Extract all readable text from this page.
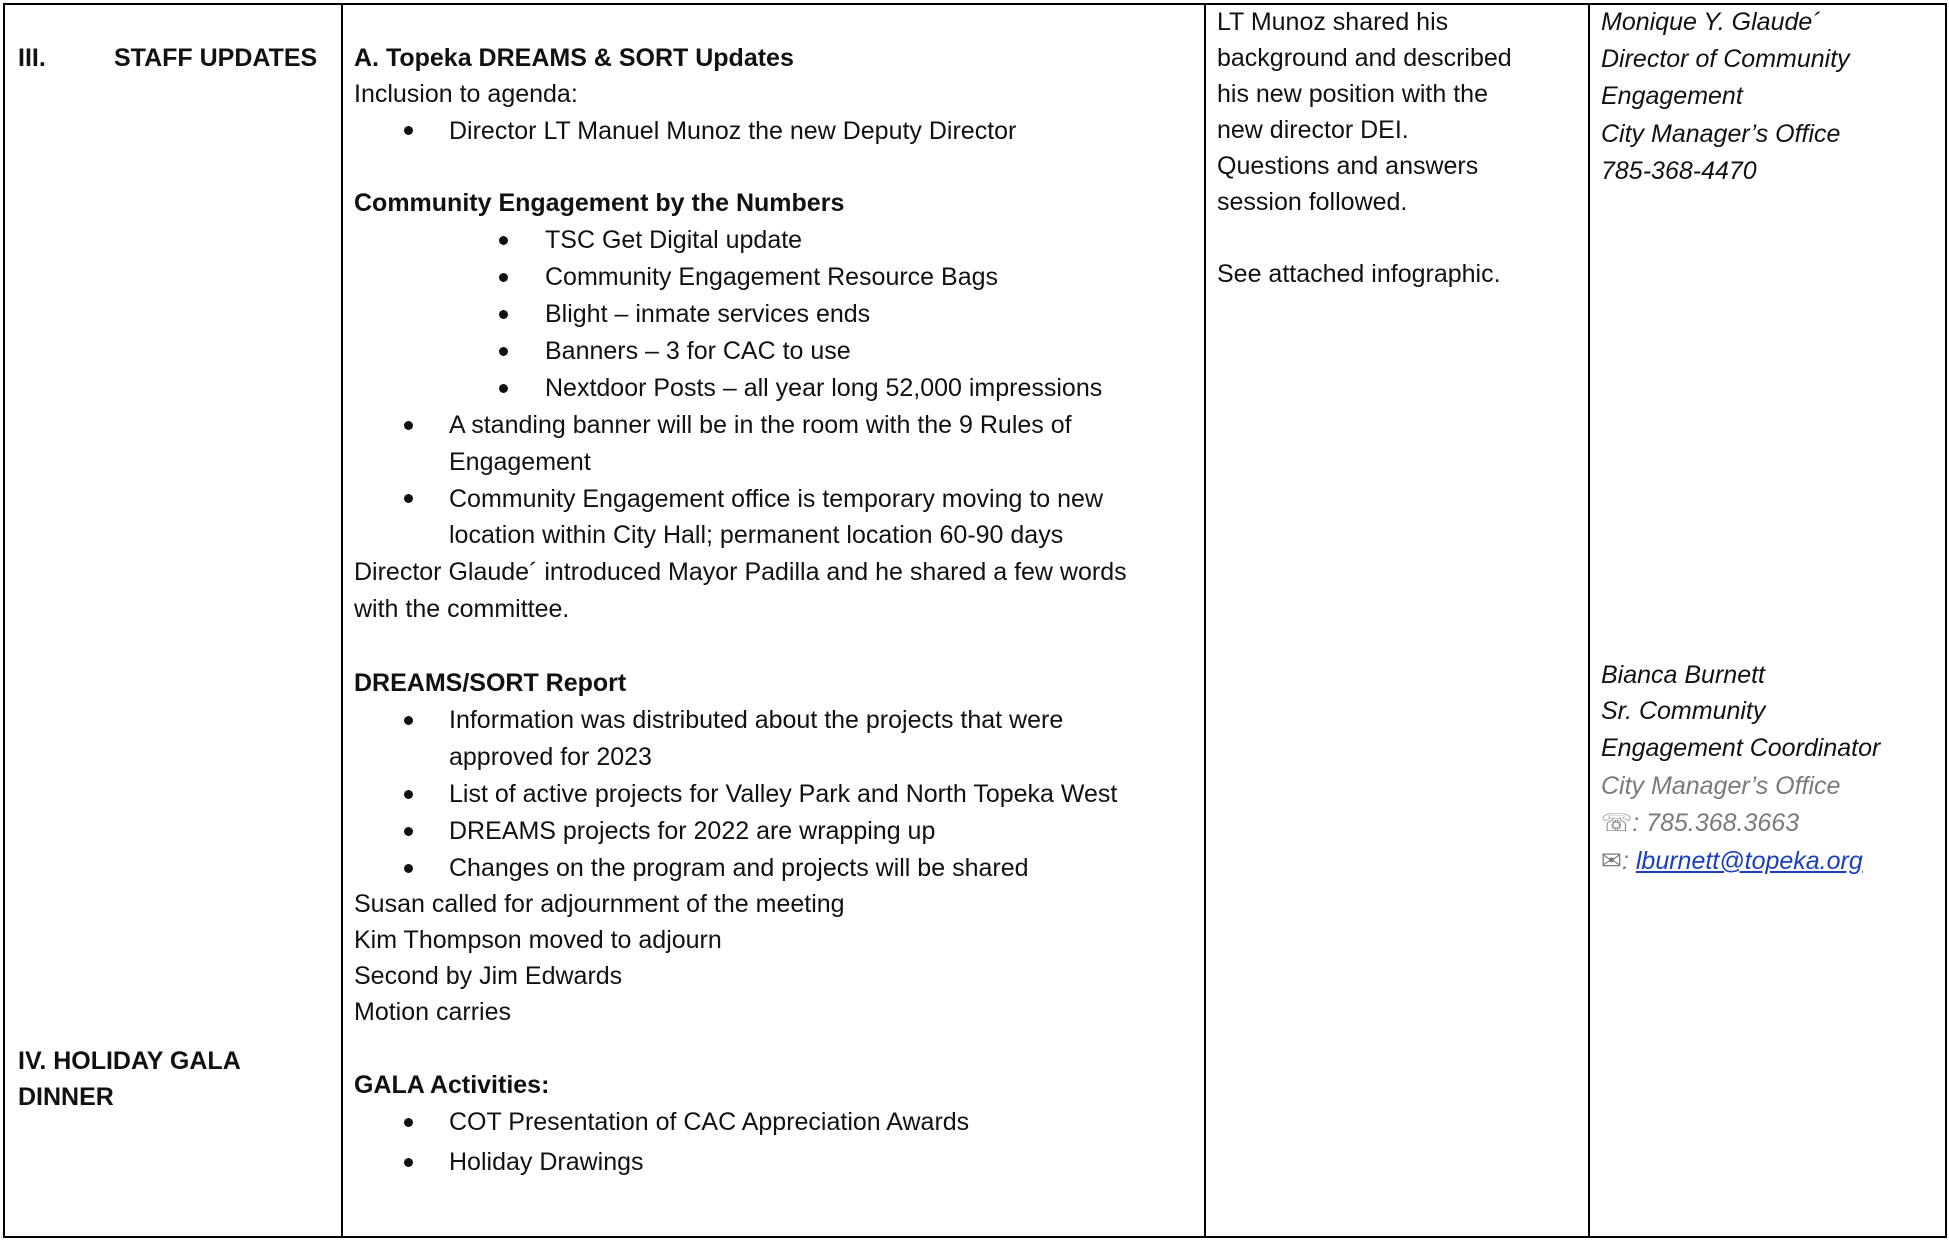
III.	STAFF UPDATES
IV. HOLIDAY GALA
DINNER
A. Topeka DREAMS & SORT Updates
Inclusion to agenda:
Director LT Manuel Munoz the new Deputy Director
Community Engagement by the Numbers
TSC Get Digital update
Community Engagement Resource Bags
Blight – inmate services ends
Banners – 3 for CAC to use
Nextdoor Posts – all year long 52,000 impressions
A standing banner will be in the room with the 9 Rules of
Engagement
Community Engagement office is temporary moving to new
location within City Hall; permanent location 60-90 days
Director Glaude´ introduced Mayor Padilla and he shared a few words
with the committee.
DREAMS/SORT Report
Information was distributed about the projects that were
approved for 2023
List of active projects for Valley Park and North Topeka West
DREAMS projects for 2022 are wrapping up
Changes on the program and projects will be shared
Susan called for adjournment of the meeting
Kim Thompson moved to adjourn
Second by Jim Edwards
Motion carries
GALA Activities:
COT Presentation of CAC Appreciation Awards
Holiday Drawings
LT Munoz shared his
background and described
his new position with the
new director DEI.
Questions and answers
session followed.
See attached infographic.
Monique Y. Glaude´
Director of Community
Engagement
City Manager’s Office
785-368-4470
Bianca Burnett
Sr. Community
Engagement Coordinator
City Manager’s Office
☏: 785.368.3663
✉: lburnett@topeka.org
